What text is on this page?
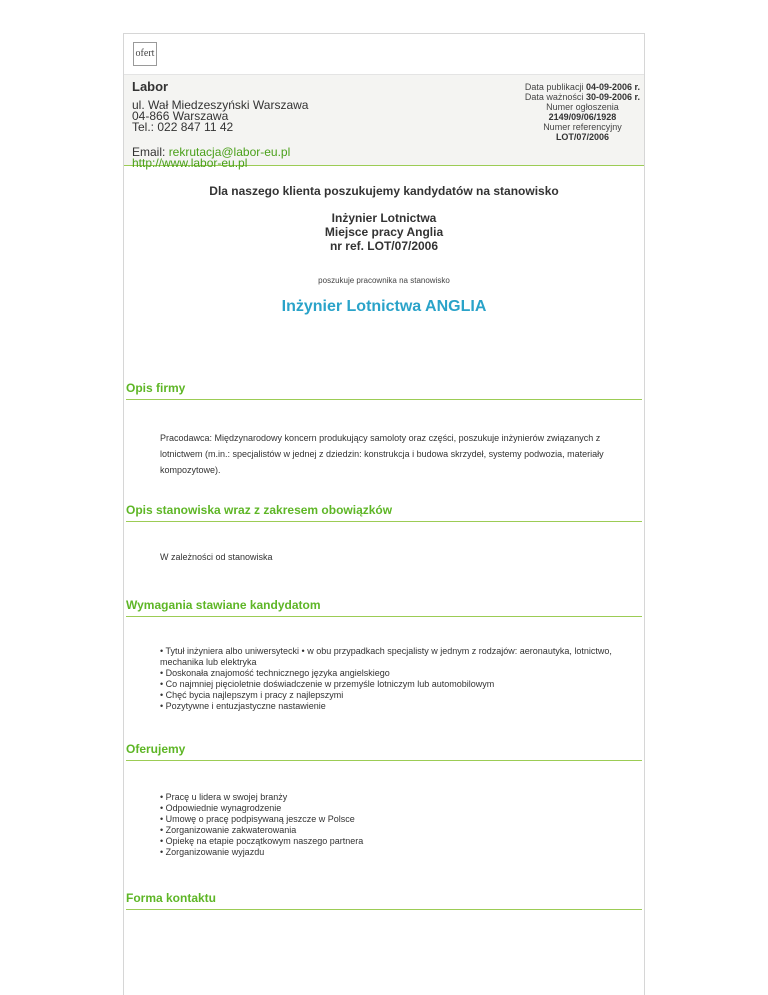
ofert
Labor
ul. Wał Miedzeszyński Warszawa
04-866 Warszawa
Tel.: 022 847 11 42
Email: rekrutacja@labor-eu.pl
http://www.labor-eu.pl
Data publikacji 04-09-2006 r.
Data ważności 30-09-2006 r.
Numer ogłoszenia
2149/09/06/1928
Numer referencyjny
LOT/07/2006
Dla naszego klienta poszukujemy kandydatów na stanowisko
Inżynier Lotnictwa
Miejsce pracy Anglia
nr ref. LOT/07/2006
poszukuje pracownika na stanowisko
Inżynier Lotnictwa ANGLIA
Opis firmy
Pracodawca: Międzynarodowy koncern produkujący samoloty oraz części, poszukuje inżynierów związanych z lotnictwem (m.in.: specjalistów w jednej z dziedzin: konstrukcja i budowa skrzydeł, systemy podwozia, materiały kompozytowe).
Opis stanowiska wraz z zakresem obowiązków
W zależności od stanowiska
Wymagania stawiane kandydatom
• Tytuł inżyniera albo uniwersytecki • w obu przypadkach specjalisty w jednym z rodzajów: aeronautyka, lotnictwo, mechanika lub elektryka
• Doskonała znajomość technicznego języka angielskiego
• Co najmniej pięcioletnie doświadczenie w przemyśle lotniczym lub automobilowym
• Chęć bycia najlepszym i pracy z najlepszymi
• Pozytywne i entuzjastyczne nastawienie
Oferujemy
• Pracę u lidera w swojej branży
• Odpowiednie wynagrodzenie
• Umowę o pracę podpisywaną jeszcze w Polsce
• Zorganizowanie zakwaterowania
• Opiekę na etapie początkowym naszego partnera
• Zorganizowanie wyjazdu
Forma kontaktu
